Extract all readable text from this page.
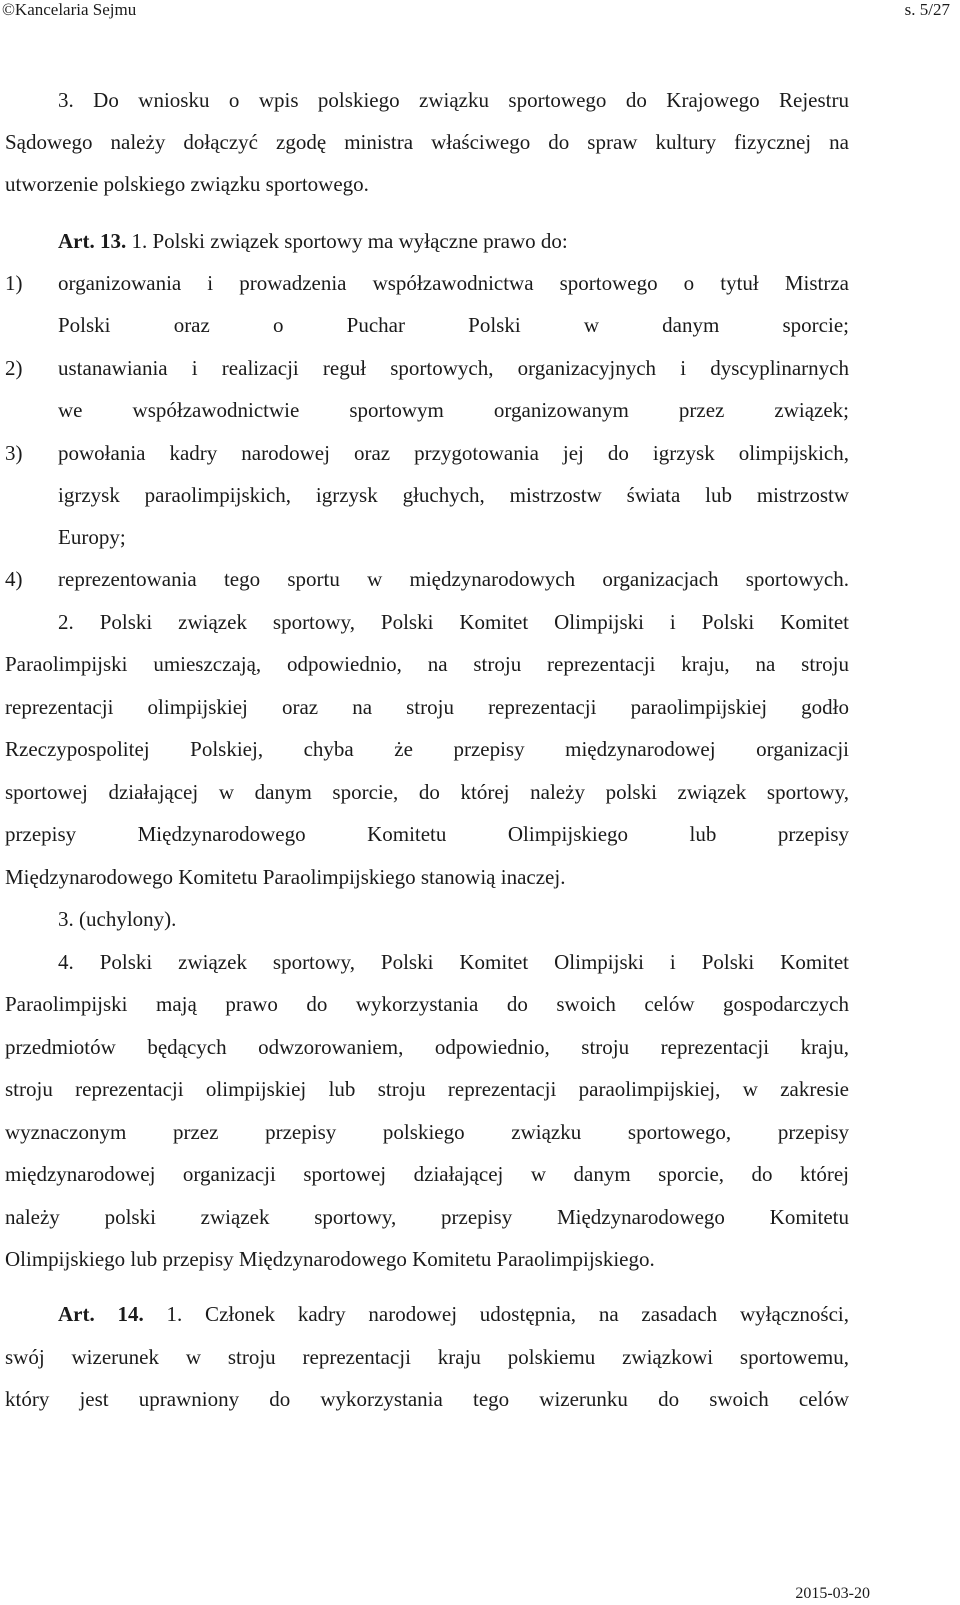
©Kancelaria Sejmu	s. 5/27
3. Do wniosku o wpis polskiego związku sportowego do Krajowego Rejestru
Sądowego należy dołączyć zgodę ministra właściwego do spraw kultury fizycznej na
utworzenie polskiego związku sportowego.
Art. 13. 1. Polski związek sportowy ma wyłączne prawo do:
1) organizowania i prowadzenia współzawodnictwa sportowego o tytuł Mistrza
Polski oraz o Puchar Polski w danym sporcie;
2) ustanawiania i realizacji reguł sportowych, organizacyjnych i dyscyplinarnych
we współzawodnictwie sportowym organizowanym przez związek;
3) powołania kadry narodowej oraz przygotowania jej do igrzysk olimpijskich,
igrzysk paraolimpijskich, igrzysk głuchych, mistrzostw świata lub mistrzostw
Europy;
4) reprezentowania tego sportu w międzynarodowych organizacjach sportowych.
2. Polski związek sportowy, Polski Komitet Olimpijski i Polski Komitet
Paraolimpijski umieszczają, odpowiednio, na stroju reprezentacji kraju, na stroju
reprezentacji olimpijskiej oraz na stroju reprezentacji paraolimpijskiej godło
Rzeczypospolitej Polskiej, chyba że przepisy międzynarodowej organizacji
sportowej działającej w danym sporcie, do której należy polski związek sportowy,
przepisy Międzynarodowego Komitetu Olimpijskiego lub przepisy
Międzynarodowego Komitetu Paraolimpijskiego stanowią inaczej.
3. (uchylony).
4. Polski związek sportowy, Polski Komitet Olimpijski i Polski Komitet
Paraolimpijski mają prawo do wykorzystania do swoich celów gospodarczych
przedmiotów będących odwzorowaniem, odpowiednio, stroju reprezentacji kraju,
stroju reprezentacji olimpijskiej lub stroju reprezentacji paraolimpijskiej, w zakresie
wyznaczonym przez przepisy polskiego związku sportowego, przepisy
międzynarodowej organizacji sportowej działającej w danym sporcie, do której
należy polski związek sportowy, przepisy Międzynarodowego Komitetu
Olimpijskiego lub przepisy Międzynarodowego Komitetu Paraolimpijskiego.
Art. 14. 1. Członek kadry narodowej udostępnia, na zasadach wyłączności,
swój wizerunek w stroju reprezentacji kraju polskiemu związkowi sportowemu,
który jest uprawniony do wykorzystania tego wizerunku do swoich celów
2015-03-20
